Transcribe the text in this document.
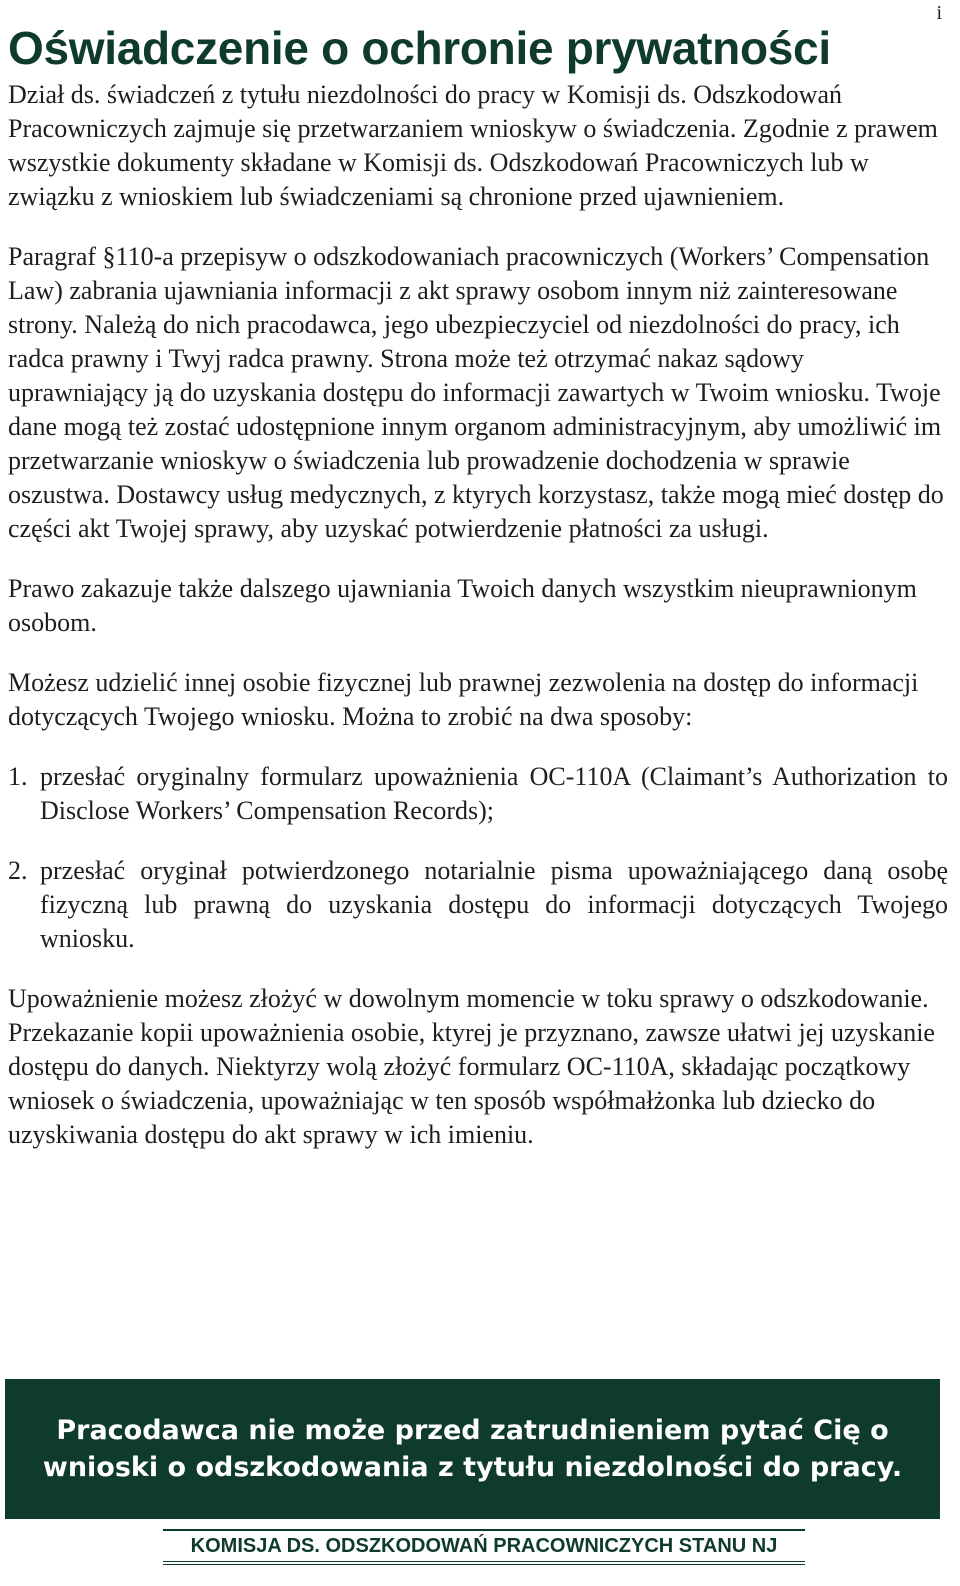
i
Oświadczenie o ochronie prywatności

Dział ds. świadczeń z tytułu niezdolności do pracy w Komisji ds. Odszkodowań Pracowniczych zajmuje się przetwarzaniem wnioskyw o świadczenia. Zgodnie z prawem wszystkie dokumenty składane w Komisji ds. Odszkodowań Pracowniczych lub w związku z wnioskiem lub świadczeniami są chronione przed ujawnieniem.

Paragraf §110-a przepisyw o odszkodowaniach pracowniczych (Workers’ Compensation Law) zabrania ujawniania informacji z akt sprawy osobom innym niż zainteresowane strony. Należą do nich pracodawca, jego ubezpieczyciel od niezdolności do pracy, ich radca prawny i Twyj radca prawny. Strona może też otrzymać nakaz sądowy uprawniający ją do uzyskania dostępu do informacji zawartych w Twoim wniosku. Twoje dane mogą też zostać udostępnione innym organom administracyjnym, aby umożliwić im przetwarzanie wnioskyw o świadczenia lub prowadzenie dochodzenia w sprawie oszustwa. Dostawcy usług medycznych, z ktyrych korzystasz, także mogą mieć dostęp do części akt Twojej sprawy, aby uzyskać potwierdzenie płatności za usługi.

Prawo zakazuje także dalszego ujawniania Twoich danych wszystkim nieuprawnionym osobom.

Możesz udzielić innej osobie fizycznej lub prawnej zezwolenia na dostęp do informacji dotyczących Twojego wniosku. Można to zrobić na dwa sposoby:

1. przesłać oryginalny formularz upoważnienia OC-110A (Claimant’s Authorization to Disclose Workers’ Compensation Records);
2. przesłać oryginał potwierdzonego notarialnie pisma upoważniającego daną osobę fizyczną lub prawną do uzyskania dostępu do informacji dotyczących Twojego wniosku.

Upoważnienie możesz złożyć w dowolnym momencie w toku sprawy o odszkodowanie. Przekazanie kopii upoważnienia osobie, ktyrej je przyznano, zawsze ułatwi jej uzyskanie dostępu do danych. Niektyrzy wolą złożyć formularz OC-110A, składając początkowy wniosek o świadczenia, upoważniając w ten sposób współmałżonka lub dziecko do uzyskiwania dostępu do akt sprawy w ich imieniu.

Pracodawca nie może przed zatrudnieniem pytać Cię o wnioski o odszkodowania z tytułu niezdolności do pracy.
KOMISJA DS. ODSZKODOWAŃ PRACOWNICZYCH STANU NJ
